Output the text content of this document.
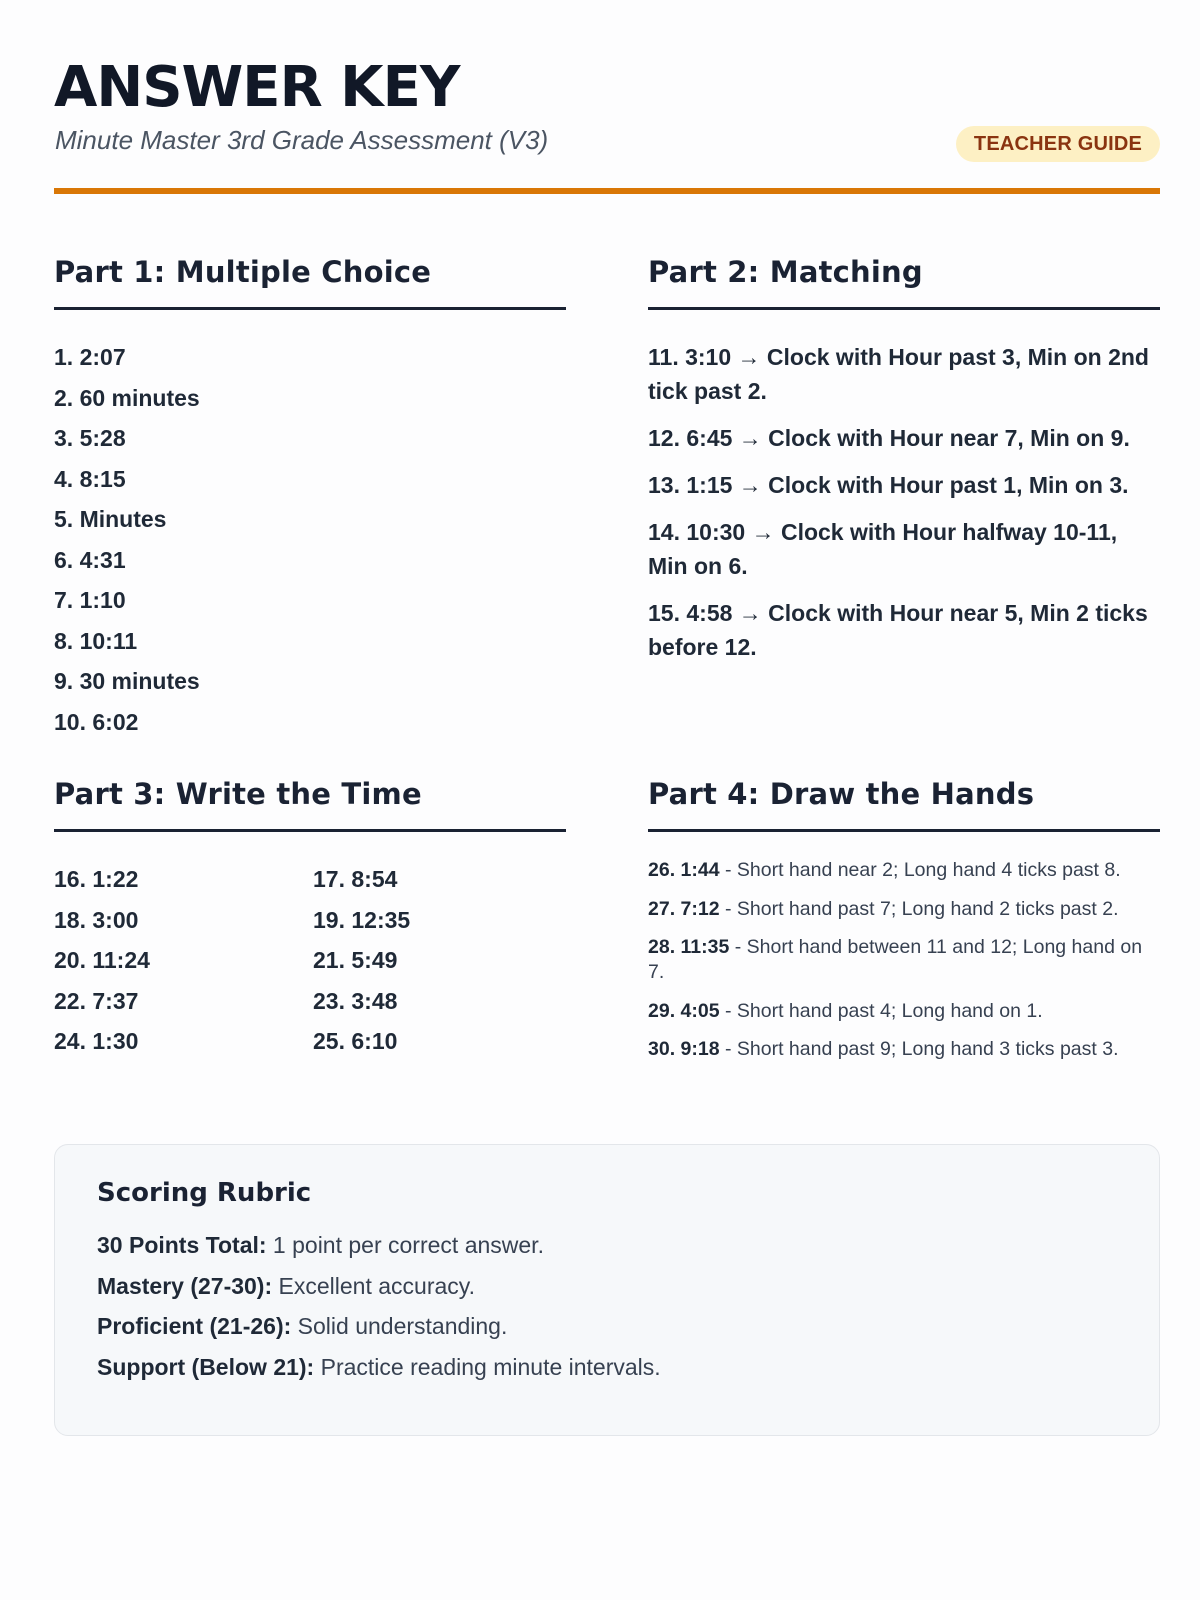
ANSWER KEY
Minute Master 3rd Grade Assessment (V3)	TEACHER GUIDE
Part 1: Multiple Choice
1. 2:07
2. 60 minutes
3. 5:28
4. 8:15
5. Minutes
6. 4:31
7. 1:10
8. 10:11
9. 30 minutes
10. 6:02
Part 2: Matching
11. 3:10 → Clock with Hour past 3, Min on 2nd tick past 2.
12. 6:45 → Clock with Hour near 7, Min on 9.
13. 1:15 → Clock with Hour past 1, Min on 3.
14. 10:30 → Clock with Hour halfway 10-11, Min on 6.
15. 4:58 → Clock with Hour near 5, Min 2 ticks before 12.
Part 3: Write the Time
16. 1:22	17. 8:54
18. 3:00	19. 12:35
20. 11:24	21. 5:49
22. 7:37	23. 3:48
24. 1:30	25. 6:10
Part 4: Draw the Hands
26. 1:44 - Short hand near 2; Long hand 4 ticks past 8.
27. 7:12 - Short hand past 7; Long hand 2 ticks past 2.
28. 11:35 - Short hand between 11 and 12; Long hand on 7.
29. 4:05 - Short hand past 4; Long hand on 1.
30. 9:18 - Short hand past 9; Long hand 3 ticks past 3.
Scoring Rubric
30 Points Total: 1 point per correct answer.
Mastery (27-30): Excellent accuracy.
Proficient (21-26): Solid understanding.
Support (Below 21): Practice reading minute intervals.
